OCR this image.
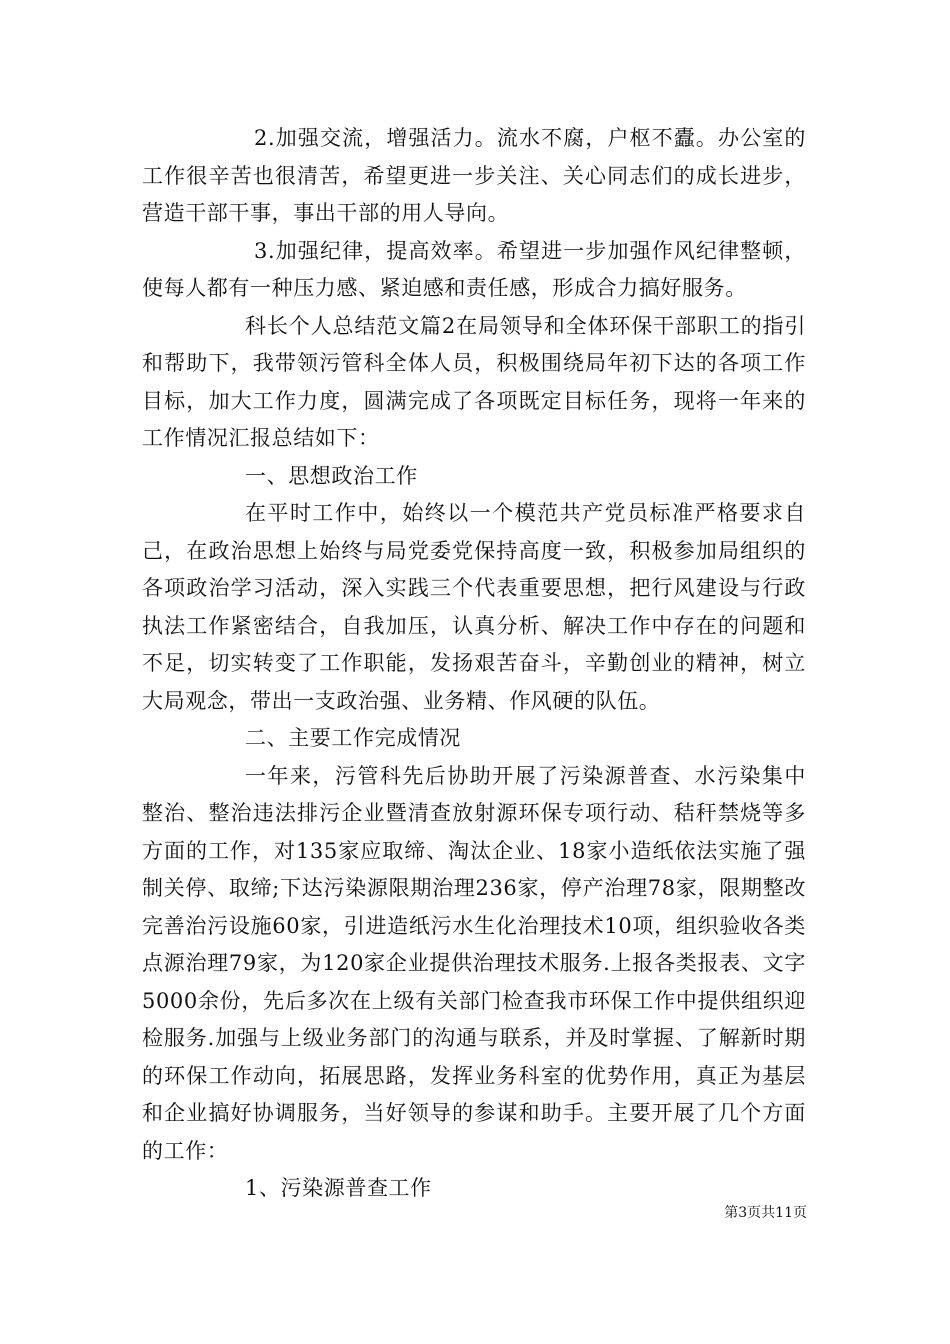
2.加强交流，增强活力。流水不腐，户枢不蠹。办公室的工作很辛苦也很清苦，希望更进一步关注、关心同志们的成长进步，营造干部干事，事出干部的用人导向。

3.加强纪律，提高效率。希望进一步加强作风纪律整顿，使每人都有一种压力感、紧迫感和责任感，形成合力搞好服务。

科长个人总结范文篇2在局领导和全体环保干部职工的指引和帮助下，我带领污管科全体人员，积极围绕局年初下达的各项工作目标，加大工作力度，圆满完成了各项既定目标任务，现将一年来的工作情况汇报总结如下：

一、思想政治工作

在平时工作中，始终以一个模范共产党员标准严格要求自己，在政治思想上始终与局党委党保持高度一致，积极参加局组织的各项政治学习活动，深入实践三个代表重要思想，把行风建设与行政执法工作紧密结合，自我加压，认真分析、解决工作中存在的问题和不足，切实转变了工作职能，发扬艰苦奋斗，辛勤创业的精神，树立大局观念，带出一支政治强、业务精、作风硬的队伍。

二、主要工作完成情况

一年来，污管科先后协助开展了污染源普查、水污染集中整治、整治违法排污企业暨清查放射源环保专项行动、秸秆禁烧等多方面的工作，对135家应取缔、淘汰企业、18家小造纸依法实施了强制关停、取缔;下达污染源限期治理236家，停产治理78家，限期整改完善治污设施60家，引进造纸污水生化治理技术10项，组织验收各类点源治理79家，为120家企业提供治理技术服务.上报各类报表、文字5000余份，先后多次在上级有关部门检查我市环保工作中提供组织迎检服务.加强与上级业务部门的沟通与联系，并及时掌握、了解新时期的环保工作动向，拓展思路，发挥业务科室的优势作用，真正为基层和企业搞好协调服务，当好领导的参谋和助手。主要开展了几个方面的工作：

1、污染源普查工作

第3页共11页
